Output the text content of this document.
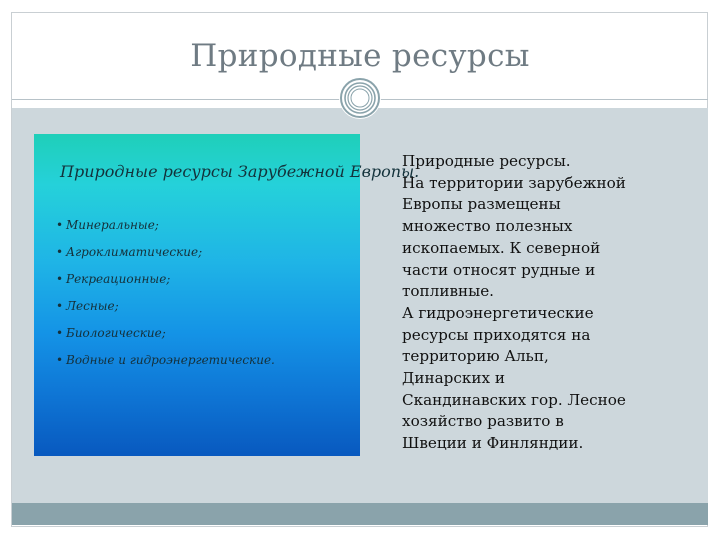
Природные ресурсы
Природные ресурсы Зарубежной Европы.
• Минеральные;
• Агроклиматические;
• Рекреационные;
• Лесные;
• Биологические;
• Водные и гидроэнергетические.
Природные ресурсы.
На территории зарубежной
Европы размещены
множество полезных
ископаемых. К северной
части относят рудные и
топливные.
А гидроэнергетические
ресурсы приходятся на
территорию Альп,
Динарских и
Скандинавских гор. Лесное
хозяйство развито в
Швеции и Финляндии.
